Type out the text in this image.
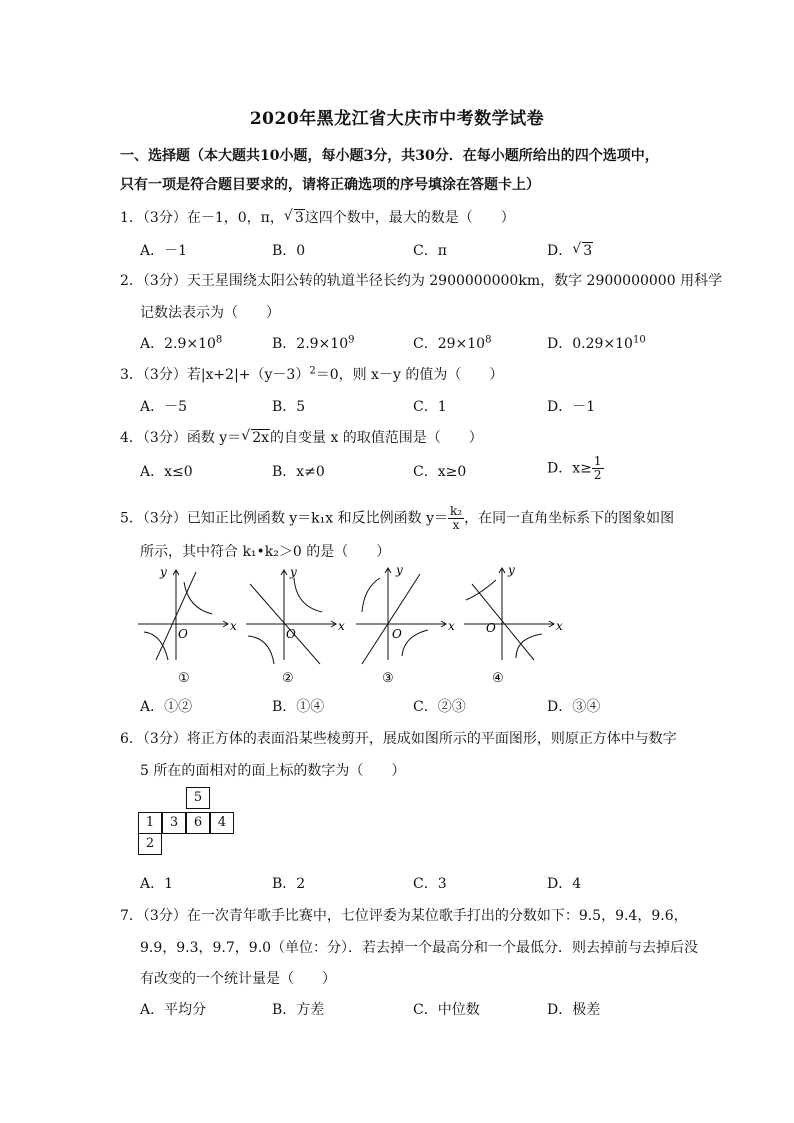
2020年黑龙江省大庆市中考数学试卷
一、选择题（本大题共10小题，每小题3分，共30分．在每小题所给出的四个选项中，
只有一项是符合题目要求的，请将正确选项的序号填涂在答题卡上）
1．（3分）在－1，0，π， √ 3这四个数中，最大的数是（　　）
A．－1	B．0	C．π	D． √ 3
2．（3分）天王星围绕太阳公转的轨道半径长约为 2900000000km，数字 2900000000 用科学
记数法表示为（　　）
A．$2.9\times 10^8$	B．$2.9\times 10^9$	C．$29\times 10^8$	D．$0.29\times 10^{10}$
3．（3分）若$|x+2|+(y-3)^2=0$，则 x－y 的值为（　　）
A．－5	B．5	C．1	D．－1
4．（3分）函数 y＝ √ 2x的自变量 x 的取值范围是（　　）
A．x≤0	B．x≠0	C．x≥0	D．$x\ge \frac{1}{2}$
5．（3分）已知正比例函数 y＝k₁x 和反比例函数 $y= \frac{\text{k₂}}{x}$ ，在同一直角坐标系下的图象如图
所示，其中符合 k₁•k₂＞0 的是（　　）
x
y
O
①
x
y
O
②
x
y
O
③
x
y
O
④
A．①②	B．①④	C．②③	D．③④
6．（3分）将正方体的表面沿某些棱剪开，展成如图所示的平面图形，则原正方体中与数字
5 所在的面相对的面上标的数字为（　　）
5
1	3	6	4
2
A．1	B．2	C．3	D．4
7．（3分）在一次青年歌手比赛中，七位评委为某位歌手打出的分数如下：9.5，9.4，9.6，
9.9，9.3，9.7，9.0（单位：分）．若去掉一个最高分和一个最低分．则去掉前与去掉后没
有改变的一个统计量是（　　）
A．平均分	B．方差	C．中位数	D．极差
